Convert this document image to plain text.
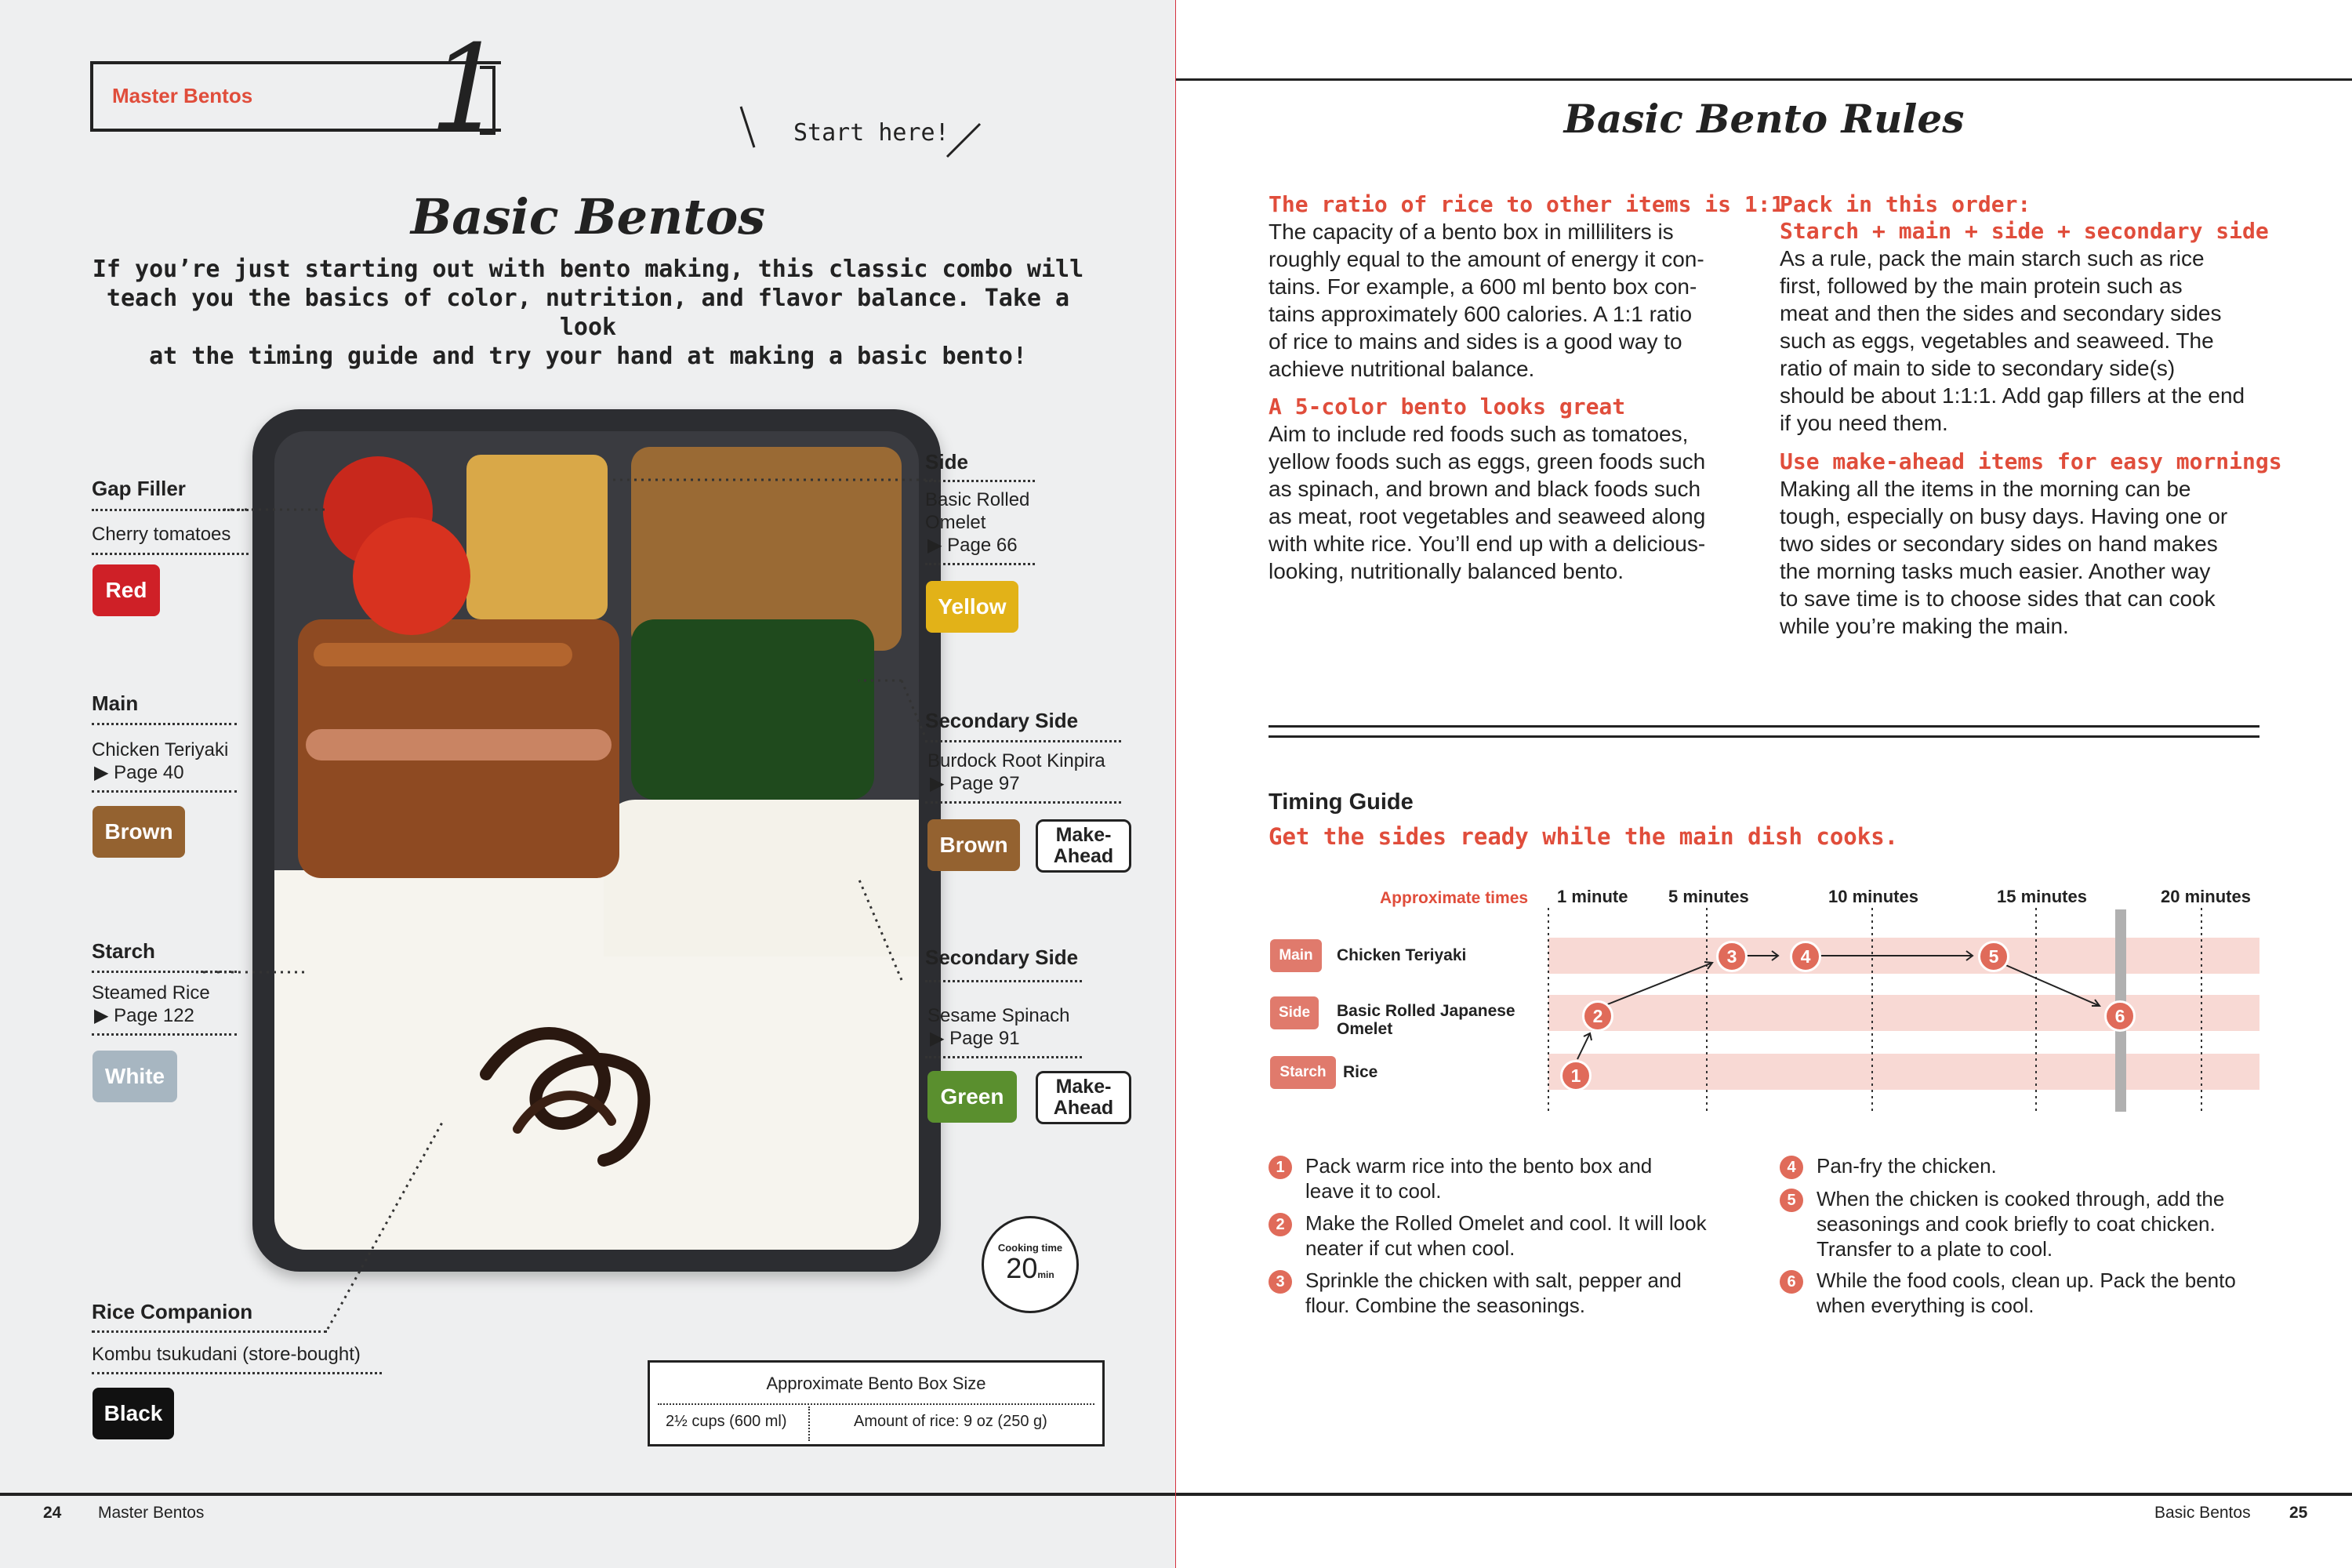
Master Bentos 1	Start here!
Basic Bentos
If you’re just starting out with bento making, this classic combo will
teach you the basics of color, nutrition, and flavor balance. Take a look
at the timing guide and try your hand at making a basic bento!
Gap Filler
Cherry tomatoes
Red
Main
Chicken Teriyaki
▶ Page 40
Brown
Starch
Steamed Rice
▶ Page 122
White
Rice Companion
Kombu tsukudani (store-bought)
Black
Side
Basic Rolled
Omelet
▶ Page 66
Yellow
Secondary Side
Burdock Root Kinpira
▶ Page 97
Brown	Make-
Ahead
Secondary Side
Sesame Spinach
▶ Page 91
Green	Make-
Ahead
Cooking time
20min
Approximate Bento Box Size
2½ cups (600 ml)	Amount of rice: 9 oz (250 g)
24 Master Bentos
Basic Bento Rules
The ratio of rice to other items is 1:1
The capacity of a bento box in milliliters is
roughly equal to the amount of energy it con-
tains. For example, a 600 ml bento box con-
tains approximately 600 calories. A 1:1 ratio
of rice to mains and sides is a good way to
achieve nutritional balance.
A 5-color bento looks great
Aim to include red foods such as tomatoes,
yellow foods such as eggs, green foods such
as spinach, and brown and black foods such
as meat, root vegetables and seaweed along
with white rice. You’ll end up with a delicious-
looking, nutritionally balanced bento.
Pack in this order:
Starch + main + side + secondary side
As a rule, pack the main starch such as rice
first, followed by the main protein such as
meat and then the sides and secondary sides
such as eggs, vegetables and seaweed. The
ratio of main to side to secondary side(s)
should be about 1:1:1. Add gap fillers at the end
if you need them.
Use make-ahead items for easy mornings
Making all the items in the morning can be
tough, especially on busy days. Having one or
two sides or secondary sides on hand makes
the morning tasks much easier. Another way
to save time is to choose sides that can cook
while you’re making the main.
Timing Guide
Get the sides ready while the main dish cooks.
Approximate times 1 minute 5 minutes	10 minutes	15 minutes	20 minutes
1
2
3	4	5
6
Main	Chicken Teriyaki
Side	Basic Rolled Japanese
Omelet
Starch	Rice
1	Pack warm rice into the bento box and
leave it to cool.
2	Make the Rolled Omelet and cool. It will look
neater if cut when cool.
3	Sprinkle the chicken with salt, pepper and
flour. Combine the seasonings.
4	Pan-fry the chicken.
5	When the chicken is cooked through, add the
seasonings and cook briefly to coat chicken.
Transfer to a plate to cool.
6	While the food cools, clean up. Pack the bento
when everything is cool.
Basic Bentos 25
